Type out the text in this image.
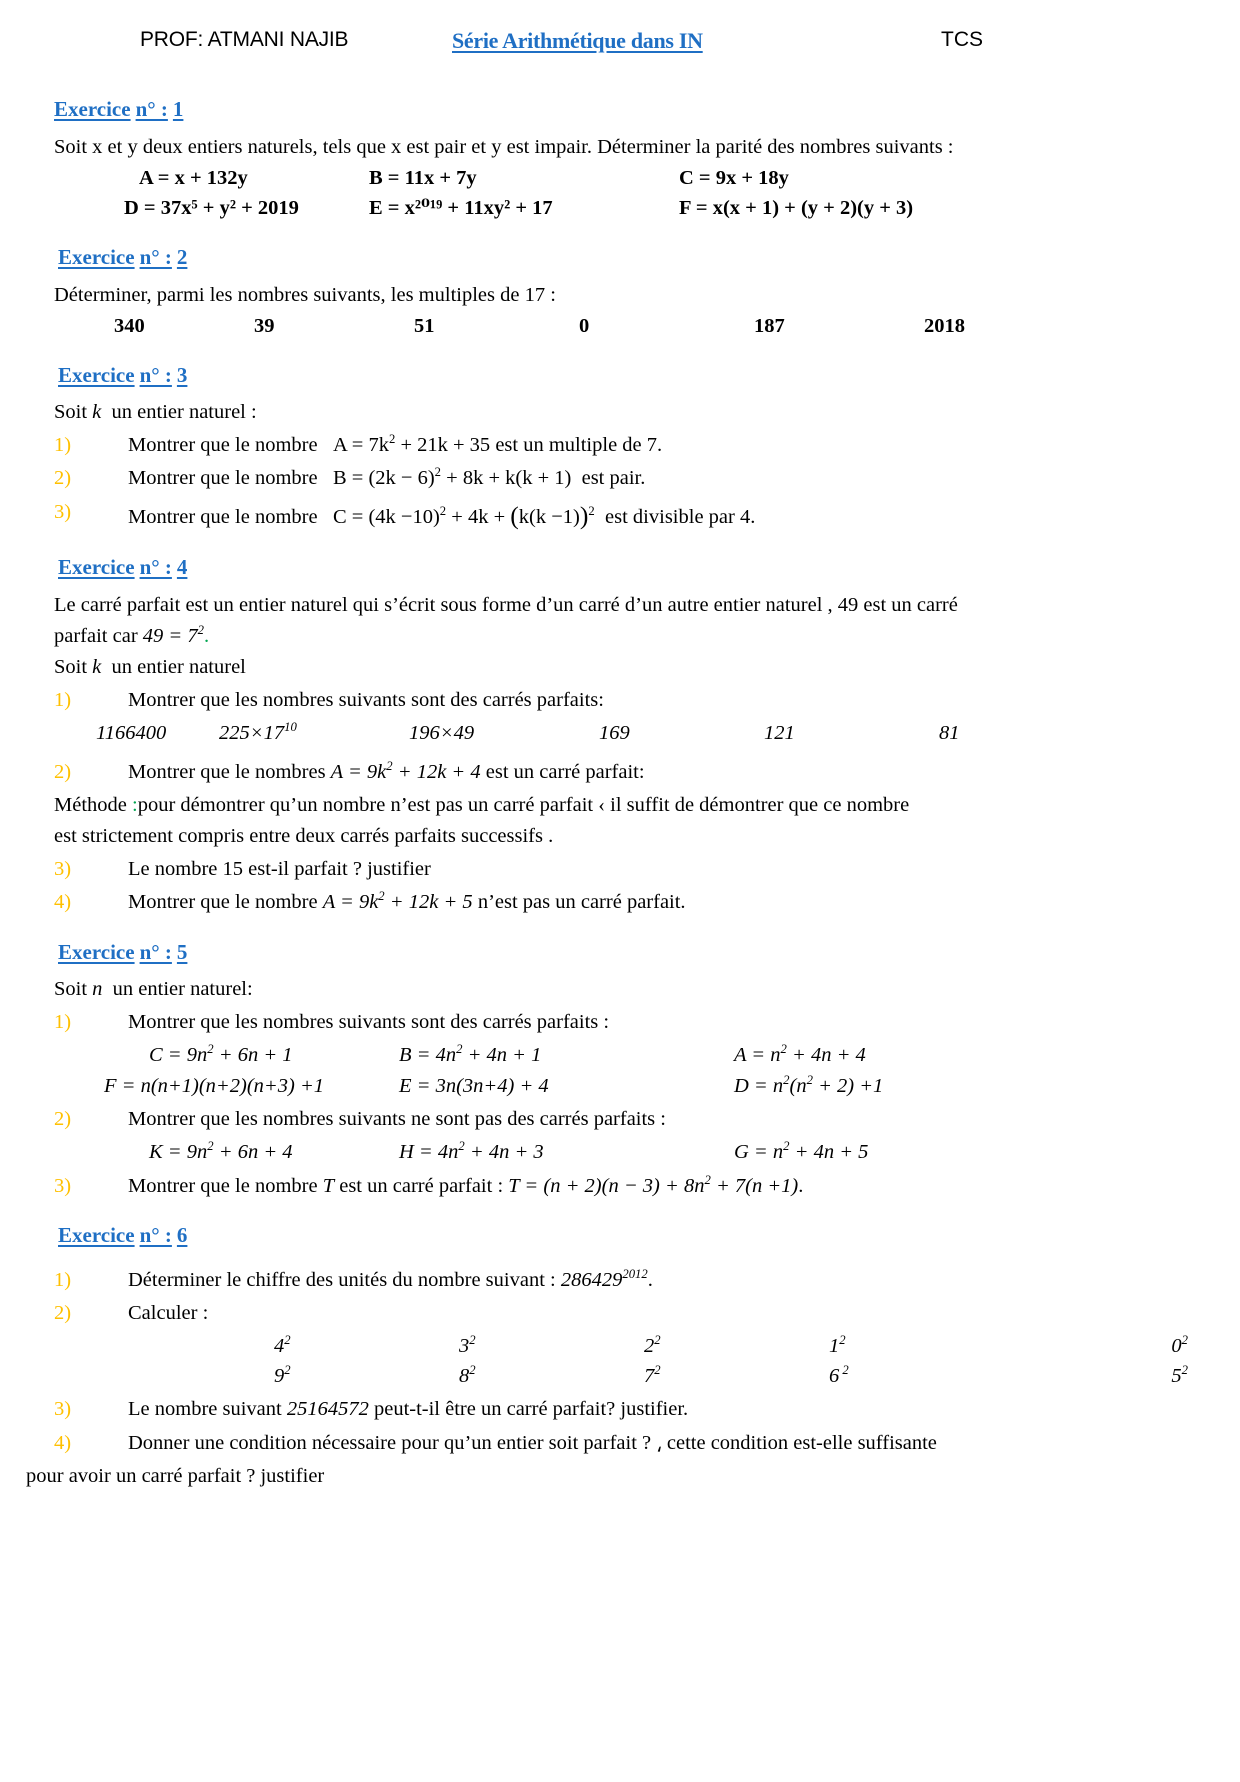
PROF: ATMANI NAJIB	Série Arithmétique dans IN	TCS
Exercice n° : 1

Soit x et y deux entiers naturels, tels que x est pair et y est impair. Déterminer la parité des nombres suivants :

A = x + 132y	B = 11x + 7y	C = 9x + 18y
D = 37x⁵ + y² + 2019	E = x²⁰¹⁹ + 11xy² + 17	F = x(x + 1) + (y + 2)(y + 3)
Exercice n° : 2

Déterminer, parmi les nombres suivants, les multiples de 17 :

340	39	51	0	187	2018
Exercice n° : 3

Soit k  un entier naturel :

1)	Montrer que le nombre   $A = 7k^2 + 21k + 35$ est un multiple de 7.
2)	Montrer que le nombre   $B = (2k - 6)^2 + 8k + k(k + 1)$  est pair.
3)	Montrer que le nombre   $C = (4k -10)^2 + 4k + (k(k -1))^2$  est divisible par 4.
Exercice n° : 4

Le carré parfait est un entier naturel qui s’écrit sous forme d’un carré d’un autre entier naturel , 49 est un carré

parfait car $49 = 7^2$.

Soit k  un entier naturel

1)	Montrer que les nombres suivants sont des carrés parfaits:
1166400	$225\times 17^{10}$	196×49	169	121	81
2)	Montrer que le nombres $A = 9k^2 + 12k + 4$ est un carré parfait:

Méthode :pour démontrer qu’un nombre n’est pas un carré parfait ‹ il suffit de démontrer que ce nombre

est strictement compris entre deux carrés parfaits successifs .

3)	Le nombre 15 est-il parfait ? justifier
4)	Montrer que le nombre $A = 9k^2 + 12k + 5$ n’est pas un carré parfait.
Exercice n° : 5

Soit n  un entier naturel:

1)	Montrer que les nombres suivants sont des carrés parfaits :
$C = 9n^2 + 6n + 1$	$B = 4n^2 + 4n + 1$	$A = n^2 + 4n + 4$
F = n(n+1)(n+2)(n+3) +1	E = 3n(3n+4) + 4	$D = n^2(n^2 + 2) +1$
2)	Montrer que les nombres suivants ne sont pas des carrés parfaits :
$K = 9n^2 + 6n + 4$	$H = 4n^2 + 4n + 3$	$G = n^2 + 4n + 5$
3)	Montrer que le nombre T est un carré parfait : $T = (n + 2)(n - 3) + 8n^2 + 7(n +1)$.
Exercice n° : 6
1)	Déterminer le chiffre des unités du nombre suivant : $286429^{2012}$.
2)	Calculer :
$4^2$	$3^2$	$2^2$	$1^2$	$0^2$
$9^2$	$8^2$	$7^2$	6 $^2$	$5^2$
3)	Le nombre suivant 25164572 peut-t-il être un carré parfait? justifier.
4)	Donner une condition nécessaire pour qu’un entier soit parfait ? ⸲ cette condition est-elle suffisante

pour avoir un carré parfait ? justifier
